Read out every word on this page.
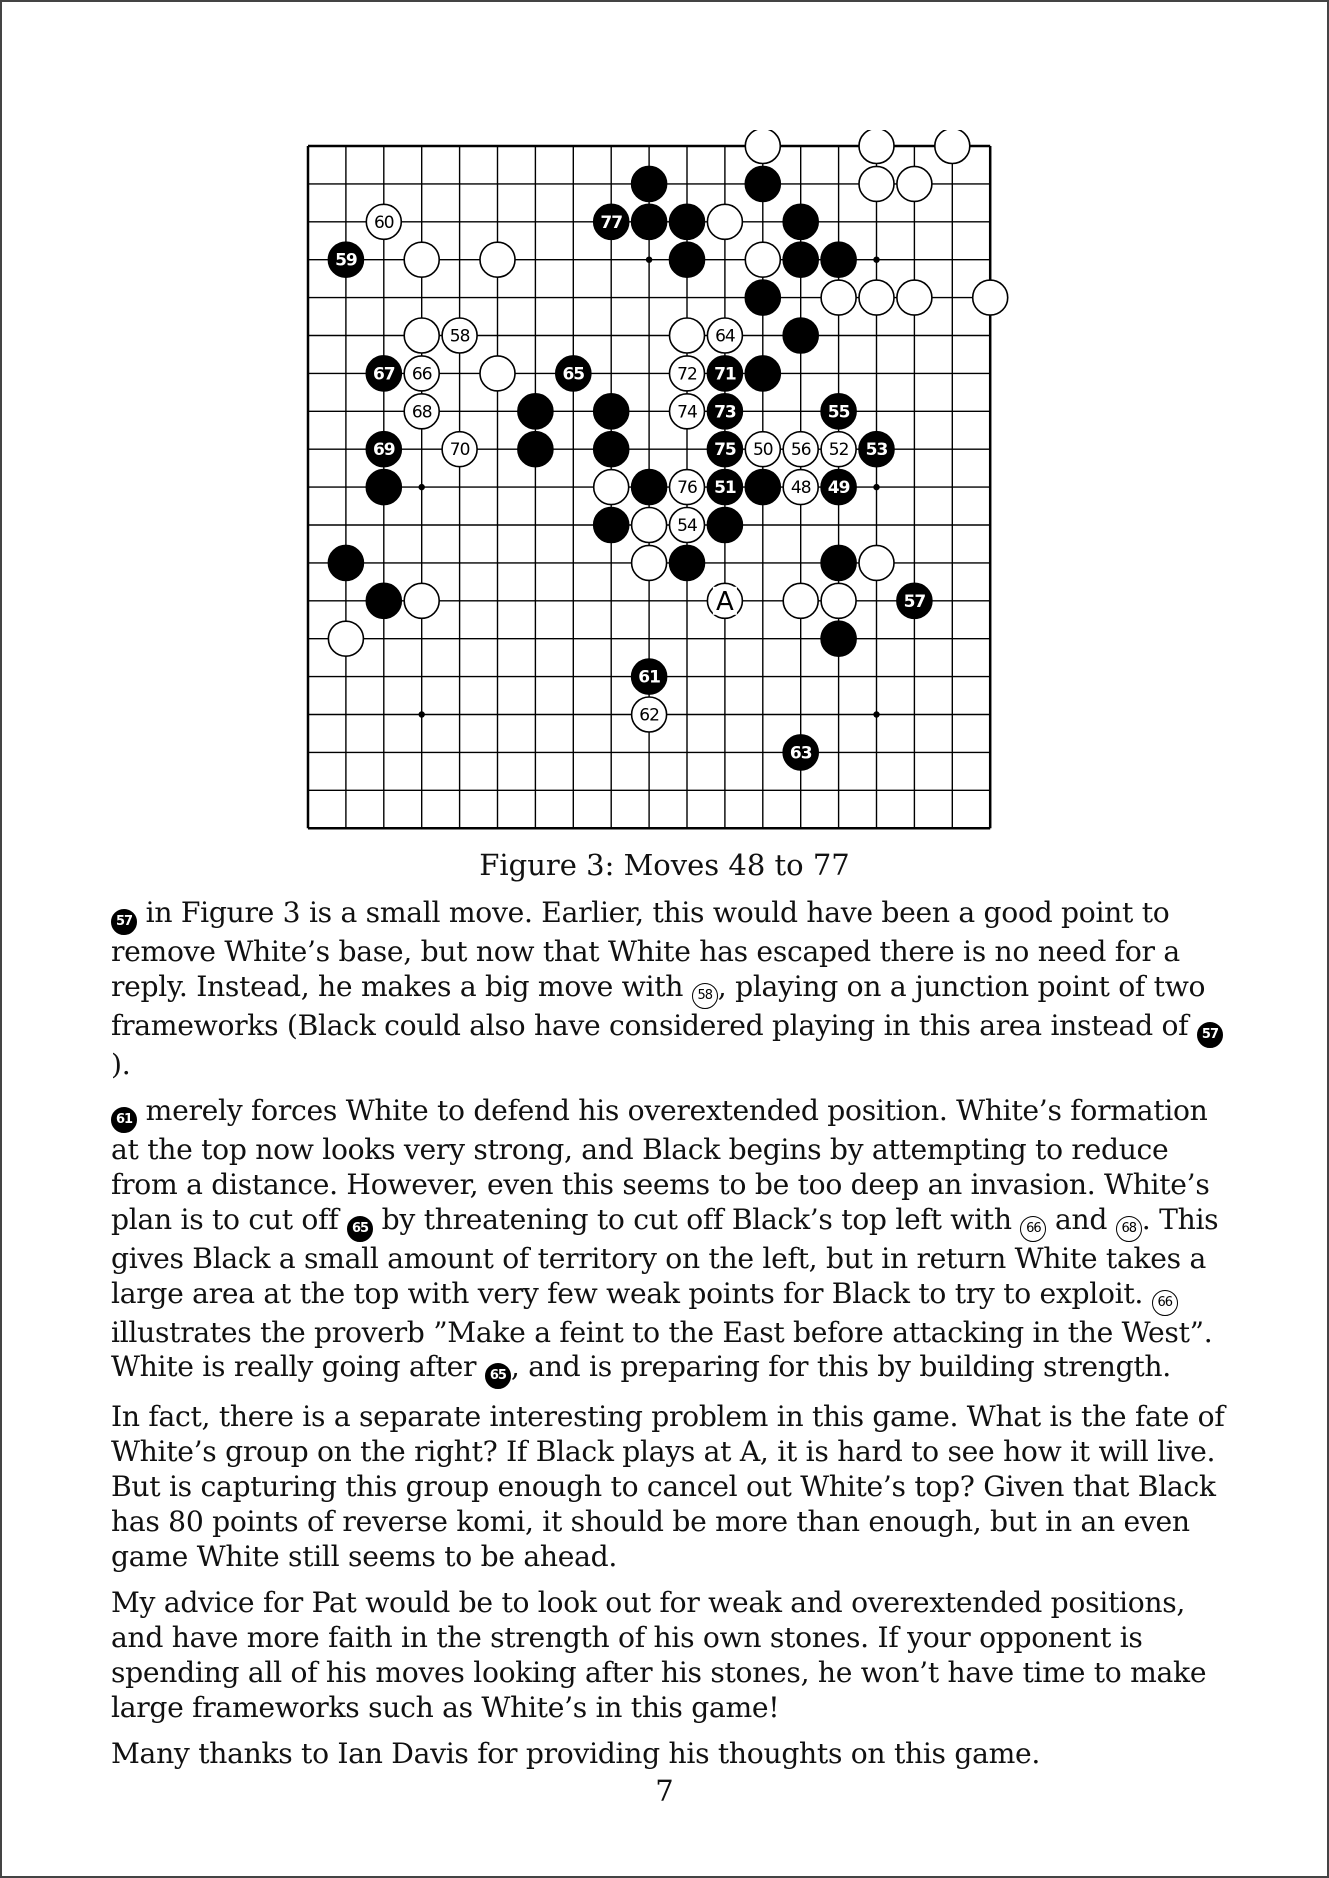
60	77
59
58	64
67 66	65	72 71
68	74 73	55
69	70	75 50 56 52 53
76 51	48 49
54
57
61
62
63
A
Figure 3: Moves 48 to 77

57 in Figure 3 is a small move. Earlier, this would have been a good point to remove White’s base, but now that White has escaped there is no need for a reply. Instead, he makes a big move with 58 , playing on a junction point of two frameworks (Black could also have considered playing in this area instead of 57).

61 merely forces White to defend his overextended position. White’s formation at the top now looks very strong, and Black begins by attempting to reduce from a distance. However, even this seems to be too deep an invasion. White’s plan is to cut off 65 by threatening to cut off Black’s top left with 66 and 68 . This gives Black a small amount of territory on the left, but in return White takes a large area at the top with very few weak points for Black to try to exploit. 66 illustrates the proverb ”Make a feint to the East before attacking in the West”. White is really going after 65 , and is preparing for this by building strength.

In fact, there is a separate interesting problem in this game. What is the fate of White’s group on the right? If Black plays at A, it is hard to see how it will live. But is capturing this group enough to cancel out White’s top? Given that Black has 80 points of reverse komi, it should be more than enough, but in an even game White still seems to be ahead.

My advice for Pat would be to look out for weak and overextended positions, and have more faith in the strength of his own stones. If your opponent is spending all of his moves looking after his stones, he won’t have time to make large frameworks such as White’s in this game!

Many thanks to Ian Davis for providing his thoughts on this game.

7
